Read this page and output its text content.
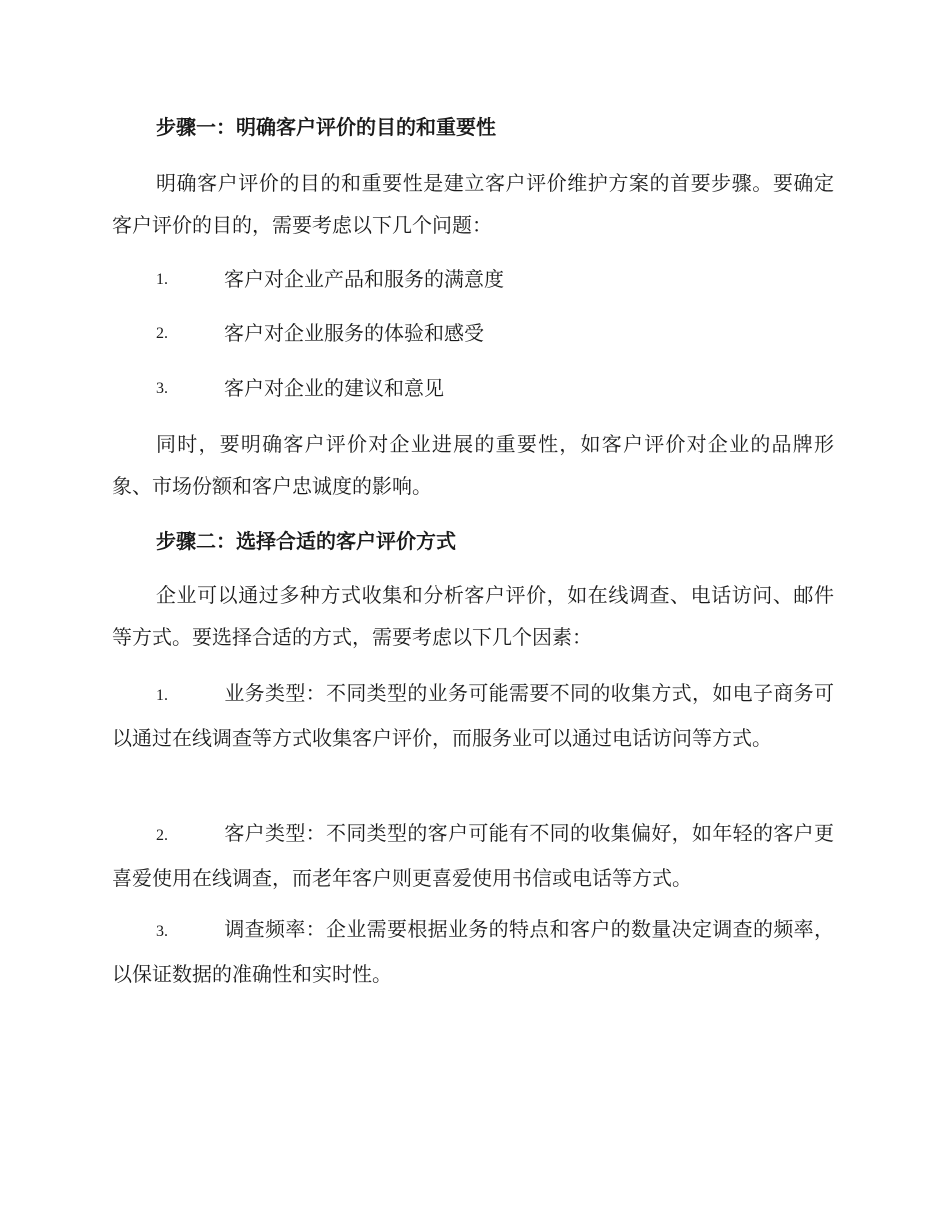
步骤一：明确客户评价的目的和重要性

明确客户评价的目的和重要性是建立客户评价维护方案的首要步骤。要确定客户评价的目的，需要考虑以下几个问题：

1.	客户对企业产品和服务的满意度
2.	客户对企业服务的体验和感受
3.	客户对企业的建议和意见

同时，要明确客户评价对企业进展的重要性，如客户评价对企业的品牌形象、市场份额和客户忠诚度的影响。

步骤二：选择合适的客户评价方式

企业可以通过多种方式收集和分析客户评价，如在线调查、电话访问、邮件等方式。要选择合适的方式，需要考虑以下几个因素：

1.	业务类型：不同类型的业务可能需要不同的收集方式，如电子商务可以通过在线调查等方式收集客户评价，而服务业可以通过电话访问等方式。

2.	客户类型：不同类型的客户可能有不同的收集偏好，如年轻的客户更喜爱使用在线调查，而老年客户则更喜爱使用书信或电话等方式。

3.	调查频率：企业需要根据业务的特点和客户的数量决定调查的频率，以保证数据的准确性和实时性。
